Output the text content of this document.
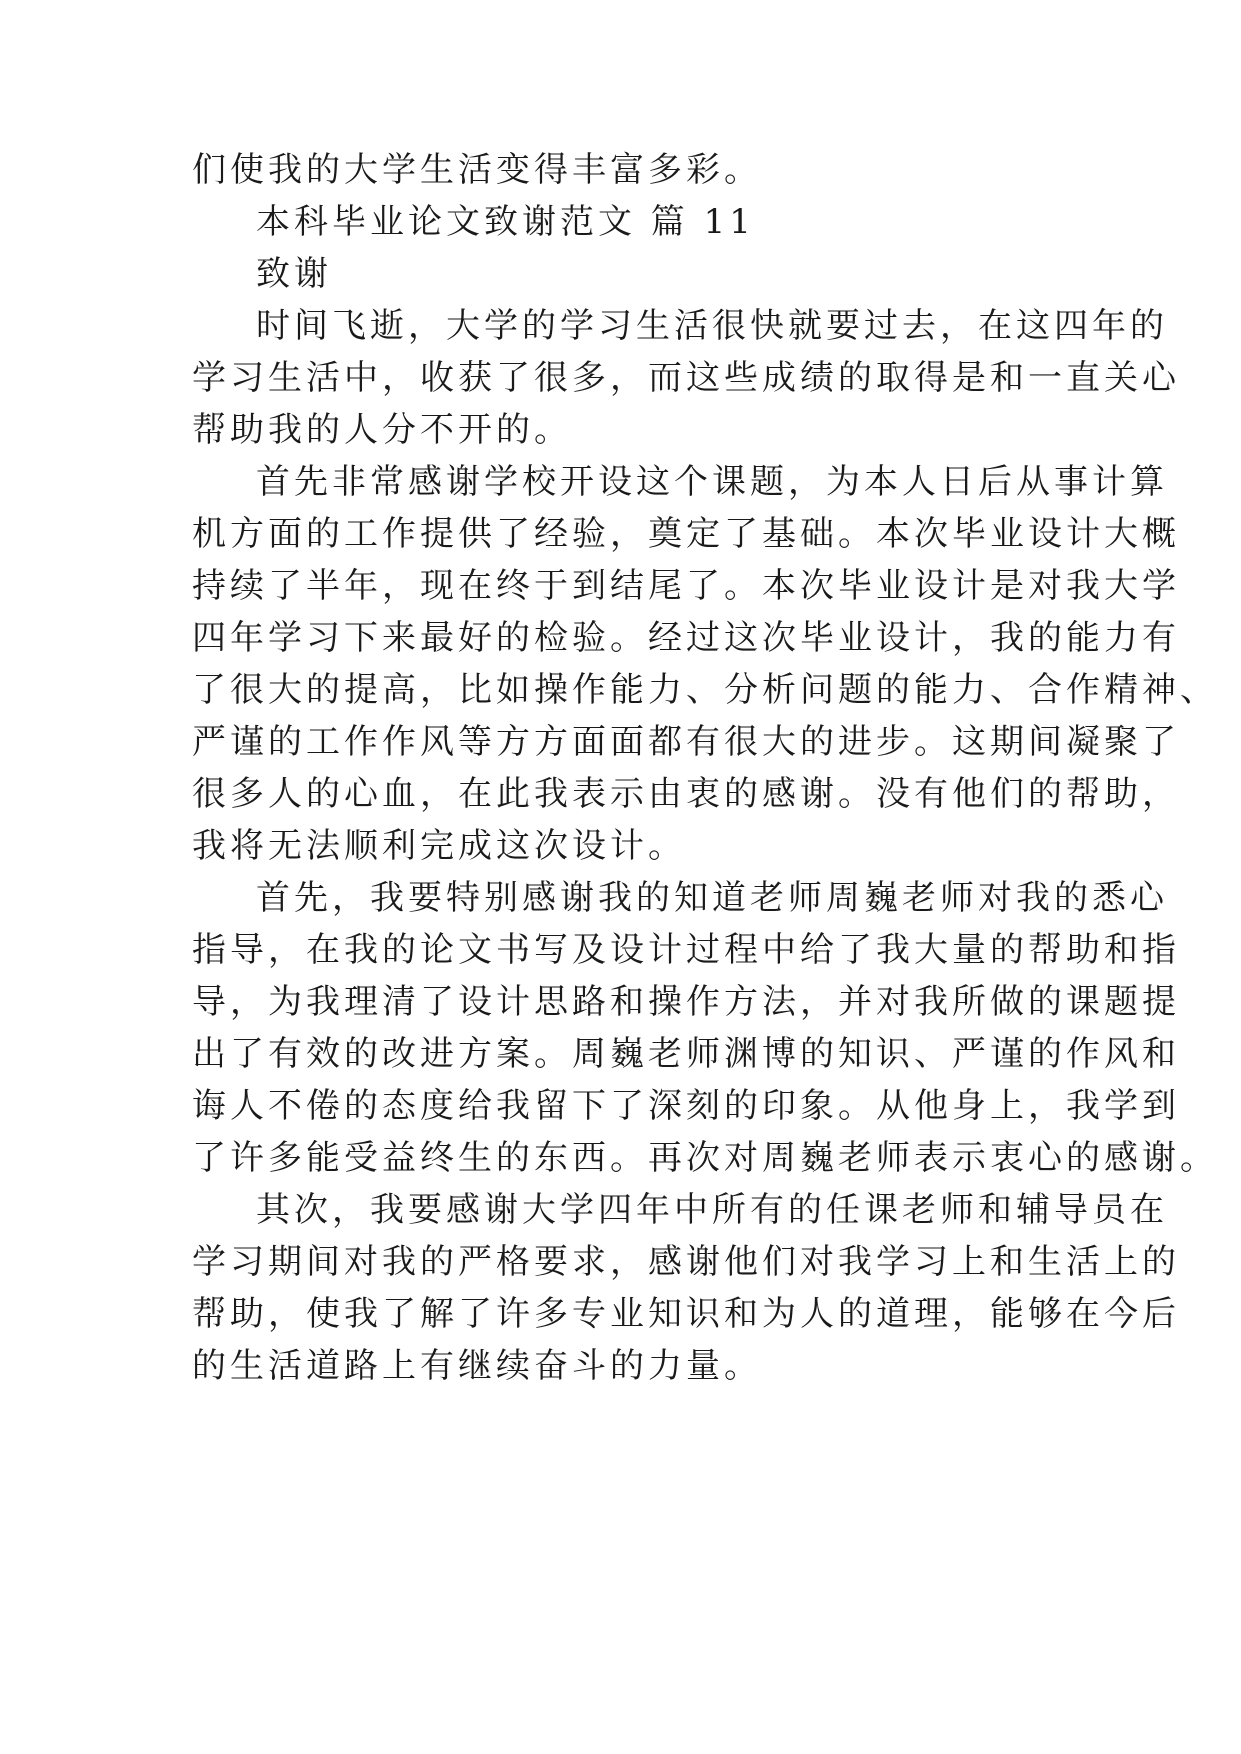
们使我的大学生活变得丰富多彩。
本科毕业论文致谢范文 篇 11
致谢
时间飞逝，大学的学习生活很快就要过去，在这四年的
学习生活中，收获了很多，而这些成绩的取得是和一直关心
帮助我的人分不开的。
首先非常感谢学校开设这个课题，为本人日后从事计算
机方面的工作提供了经验，奠定了基础。本次毕业设计大概
持续了半年，现在终于到结尾了。本次毕业设计是对我大学
四年学习下来最好的检验。经过这次毕业设计，我的能力有
了很大的提高，比如操作能力、分析问题的能力、合作精神、
严谨的工作作风等方方面面都有很大的进步。这期间凝聚了
很多人的心血，在此我表示由衷的感谢。没有他们的帮助，
我将无法顺利完成这次设计。
首先，我要特别感谢我的知道老师周巍老师对我的悉心
指导，在我的论文书写及设计过程中给了我大量的帮助和指
导，为我理清了设计思路和操作方法，并对我所做的课题提
出了有效的改进方案。周巍老师渊博的知识、严谨的作风和
诲人不倦的态度给我留下了深刻的印象。从他身上，我学到
了许多能受益终生的东西。再次对周巍老师表示衷心的感谢。
其次，我要感谢大学四年中所有的任课老师和辅导员在
学习期间对我的严格要求，感谢他们对我学习上和生活上的
帮助，使我了解了许多专业知识和为人的道理，能够在今后
的生活道路上有继续奋斗的力量。
